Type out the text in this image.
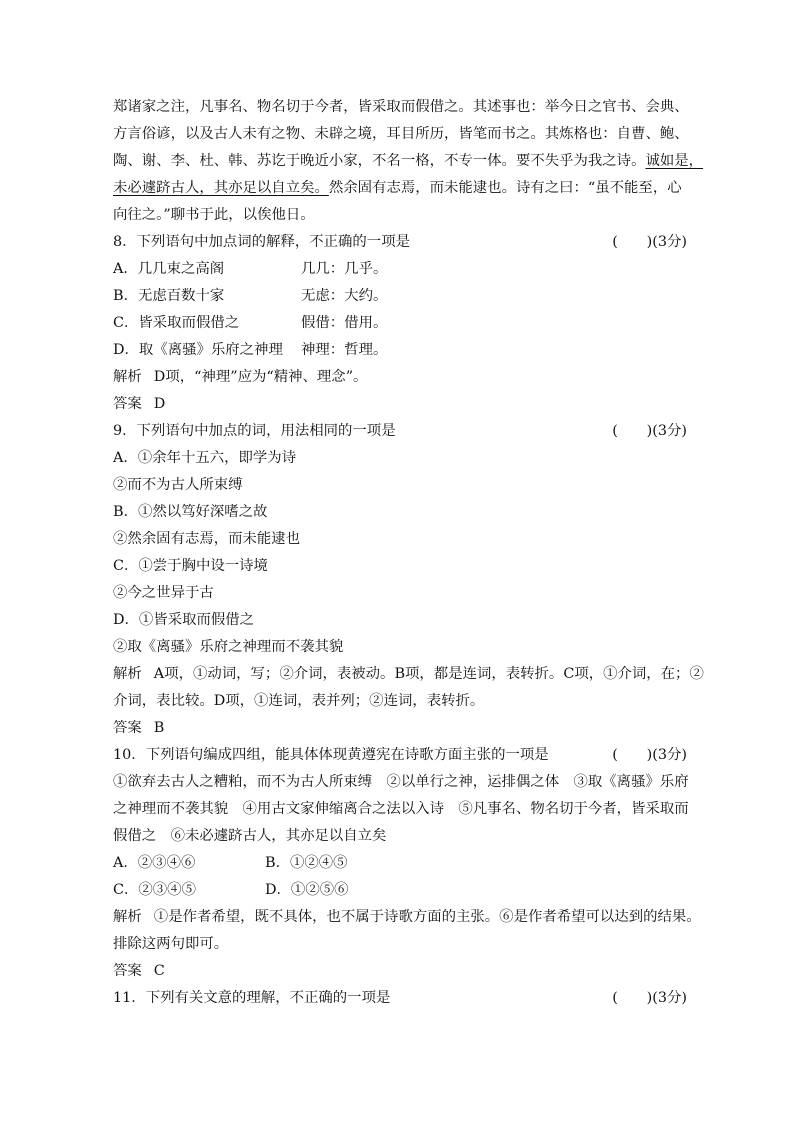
郑诸家之注，凡事名、物名切于今者，皆采取而假借之。其述事也：举今日之官书、会典、

方言俗谚，以及古人未有之物、未辟之境，耳目所历，皆笔而书之。其炼格也：自曹、鲍、

陶、谢、李、杜、韩、苏讫于晚近小家，不名一格，不专一体。要不失乎为我之诗。诚如是，

未必遽跻古人，其亦足以自立矣。然余固有志焉，而未能逮也。诗有之曰：“虽不能至，心

向往之。”聊书于此，以俟他日。

8．下列语句中加点词的解释，不正确的一项是	(　　)(3分)

A．几几束之高阁	几几：几乎。

B．无虑百数十家	无虑：大约。

C．皆采取而假借之	假借：借用。

D．取《离骚》乐府之神理	神理：哲理。

解析 D项，“神理”应为“精神、理念”。

答案 D

9．下列语句中加点的词，用法相同的一项是	(　　)(3分)

A．①余年十五六，即学为诗

②而不为古人所束缚

B．①然以笃好深嗜之故

②然余固有志焉，而未能逮也

C．①尝于胸中设一诗境

②今之世异于古

D．①皆采取而假借之

②取《离骚》乐府之神理而不袭其貌

解析 A项，①动词，写；②介词，表被动。B项，都是连词，表转折。C项，①介词，在；②

介词，表比较。D项，①连词，表并列；②连词，表转折。

答案 B

10．下列语句编成四组，能具体体现黄遵宪在诗歌方面主张的一项是	(　　)(3分)

①欲弃去古人之糟粕，而不为古人所束缚　②以单行之神，运排偶之体　③取《离骚》乐府

之神理而不袭其貌　④用古文家伸缩离合之法以入诗　⑤凡事名、物名切于今者，皆采取而

假借之　⑥未必遽跻古人，其亦足以自立矣

A．②③④⑥	B．①②④⑤

C．②③④⑤	D．①②⑤⑥

解析 ①是作者希望，既不具体，也不属于诗歌方面的主张。⑥是作者希望可以达到的结果。

排除这两句即可。

答案 C

11．下列有关文意的理解，不正确的一项是	(　　)(3分)
